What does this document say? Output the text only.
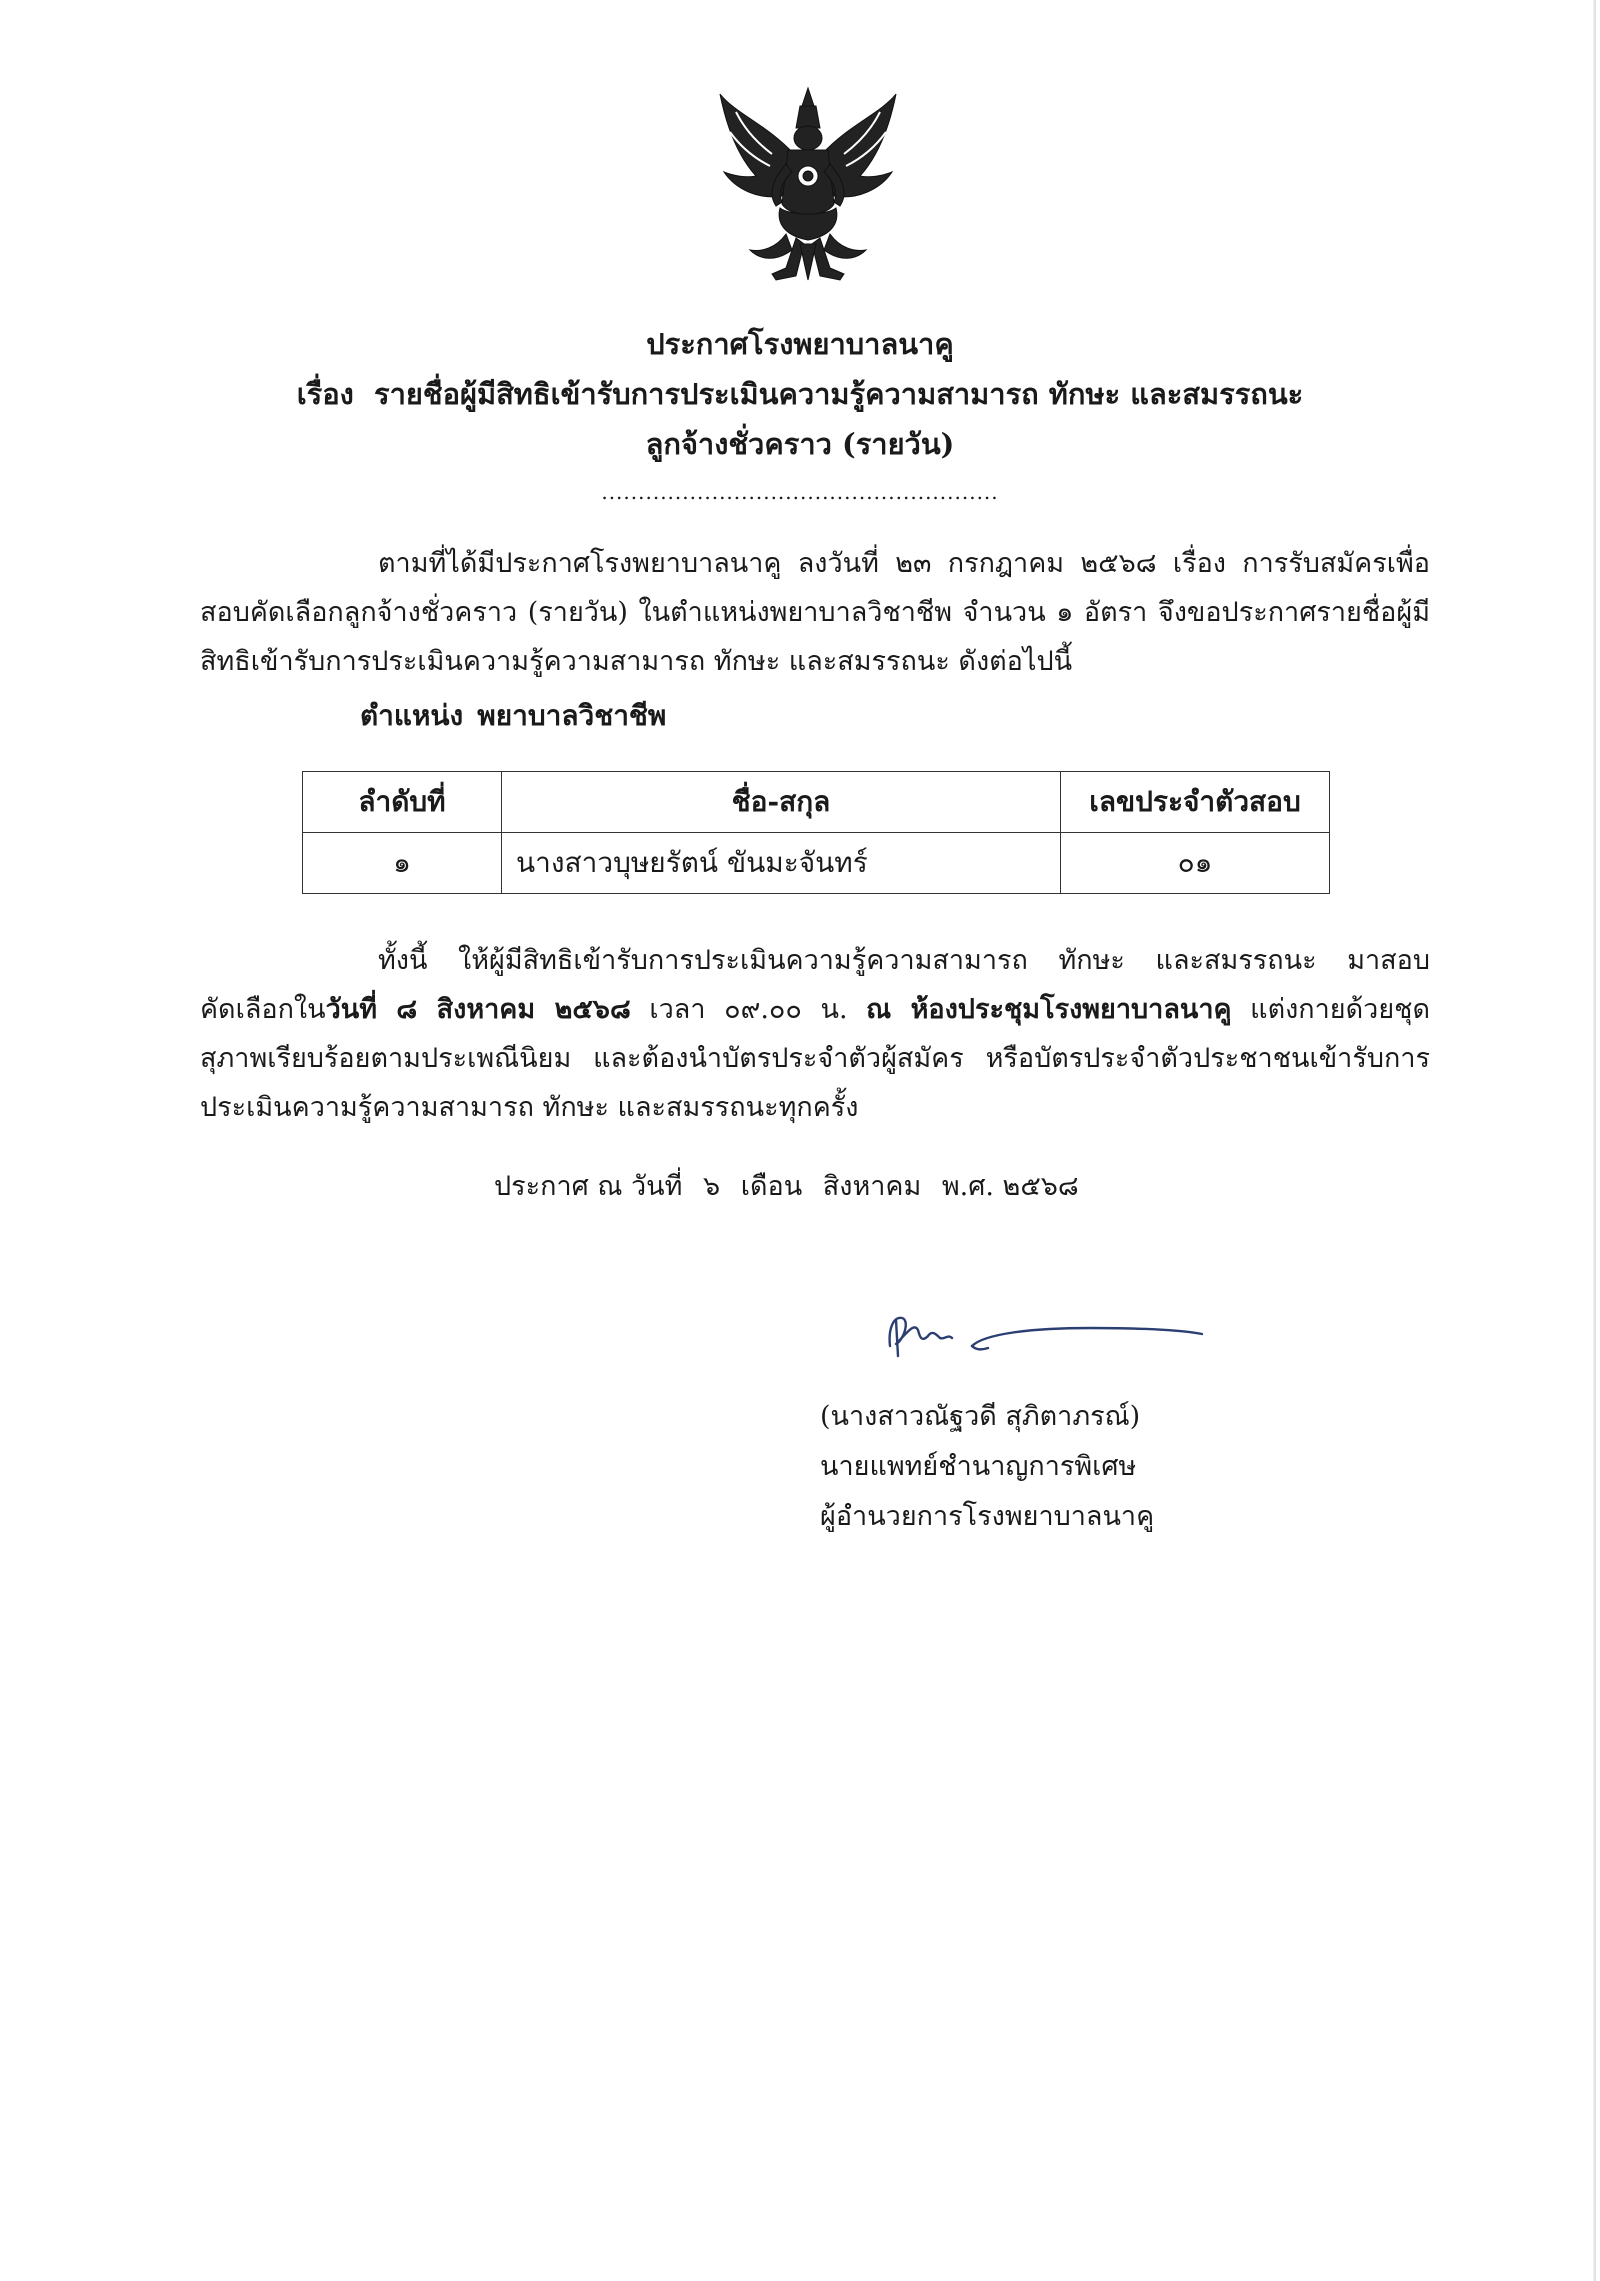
ประกาศโรงพยาบาลนาคู
เรื่อง รายชื่อผู้มีสิทธิเข้ารับการประเมินความรู้ความสามารถ ทักษะ และสมรรถนะ
ลูกจ้างชั่วคราว (รายวัน)
......................................................
ตามที่ได้มีประกาศโรงพยาบาลนาคู ลงวันที่ ๒๓ กรกฎาคม ๒๕๖๘ เรื่อง การรับสมัครเพื่อ
สอบคัดเลือกลูกจ้างชั่วคราว (รายวัน) ในตำแหน่งพยาบาลวิชาชีพ จำนวน ๑ อัตรา จึงขอประกาศรายชื่อผู้มี
สิทธิเข้ารับการประเมินความรู้ความสามารถ ทักษะ และสมรรถนะ ดังต่อไปนี้
ตำแหน่ง พยาบาลวิชาชีพ
ลำดับที่	ชื่อ-สกุล	เลขประจำตัวสอบ
๑	นางสาวบุษยรัตน์ ขันมะจันทร์	๐๑
ทั้งนี้ ให้ผู้มีสิทธิเข้ารับการประเมินความรู้ความสามารถ ทักษะ และสมรรถนะ มาสอบ
คัดเลือกในวันที่ ๘ สิงหาคม ๒๕๖๘ เวลา ๐๙.๐๐ น. ณ ห้องประชุมโรงพยาบาลนาคู แต่งกายด้วยชุด
สุภาพเรียบร้อยตามประเพณีนิยม และต้องนำบัตรประจำตัวผู้สมัคร หรือบัตรประจำตัวประชาชนเข้ารับการ
ประเมินความรู้ความสามารถ ทักษะ และสมรรถนะทุกครั้ง
ประกาศ ณ วันที่ ๖ เดือน สิงหาคม พ.ศ. ๒๕๖๘
(นางสาวณัฐวดี สุภิตาภรณ์)
นายแพทย์ชำนาญการพิเศษ
ผู้อำนวยการโรงพยาบาลนาคู
